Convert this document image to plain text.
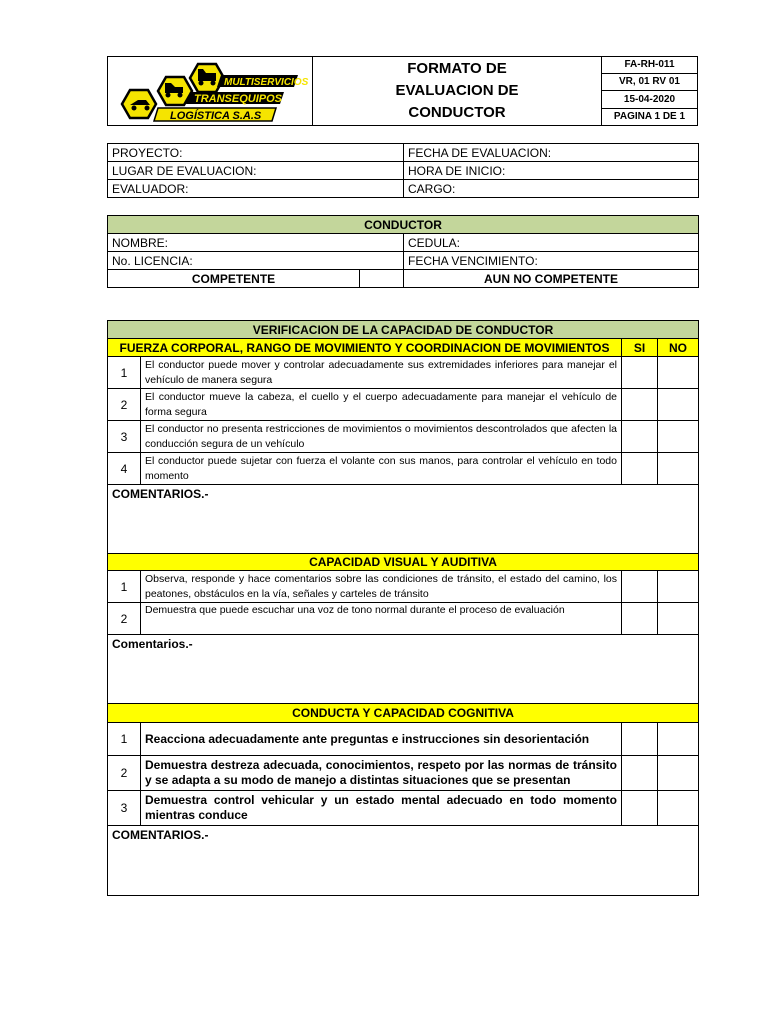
MULTISERVICIOS
TRANSEQUIPOS
LOGÍSTICA S.A.S
FORMATO DE EVALUACION DE CONDUCTOR
FA-RH-011
VR, 01 RV 01
15-04-2020
PAGINA 1 DE 1
PROYECTO:	FECHA DE EVALUACION:
LUGAR DE EVALUACION:	HORA DE INICIO:
EVALUADOR:	CARGO:
CONDUCTOR		
NOMBRE:		CEDULA:
No. LICENCIA:		FECHA VENCIMIENTO:
COMPETENTE		AUN NO COMPETENTE
VERIFICACION DE LA CAPACIDAD DE CONDUCTOR			
FUERZA CORPORAL, RANGO DE MOVIMIENTO Y COORDINACION DE MOVIMIENTOS		SI	NO
1	El conductor puede mover y controlar adecuadamente sus extremidades inferiores para manejar el vehículo de manera segura		
2	El conductor mueve la cabeza, el cuello y el cuerpo adecuadamente para manejar el vehículo de forma segura		
3	El conductor no presenta restricciones de movimientos o movimientos descontrolados que afecten la conducción segura de un vehículo		
4	El conductor puede sujetar con fuerza el volante con sus manos, para controlar el vehículo en todo momento		
COMENTARIOS.-			
CAPACIDAD VISUAL Y AUDITIVA			
1	Observa, responde y hace comentarios sobre las condiciones de tránsito, el estado del camino, los peatones, obstáculos en la vía, señales y carteles de tránsito		
2	Demuestra que puede escuchar una voz de tono normal durante el proceso de evaluación		
Comentarios.-			
CONDUCTA Y CAPACIDAD COGNITIVA			
1	Reacciona adecuadamente ante preguntas e instrucciones sin desorientación		
2	Demuestra destreza adecuada, conocimientos, respeto por las normas de tránsito y se adapta a su modo de manejo a distintas situaciones que se presentan		
3	Demuestra control vehicular y un estado mental adecuado en todo momento mientras conduce		
COMENTARIOS.-			
